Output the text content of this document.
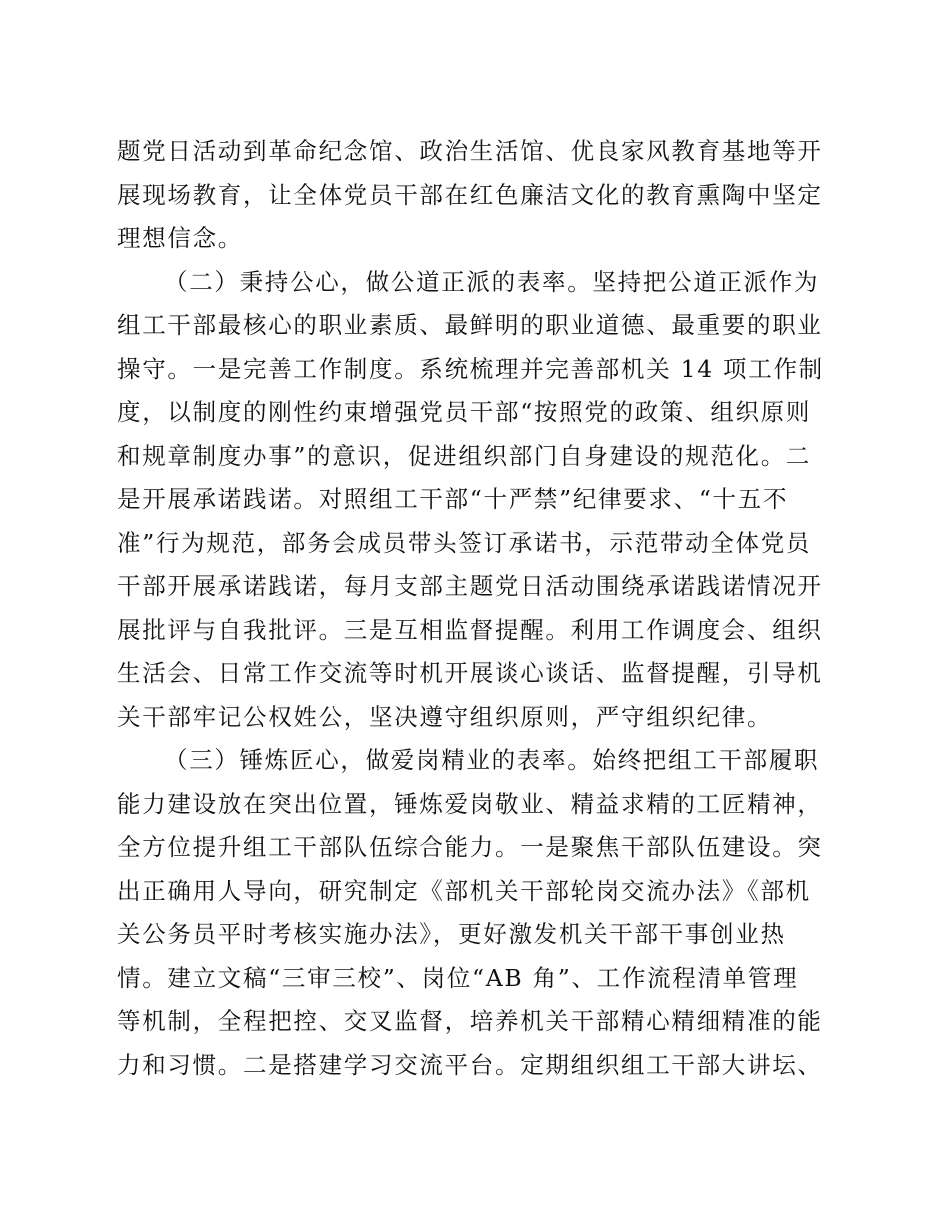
题党日活动到革命纪念馆、政治生活馆、优良家风教育基地等开
展现场教育，让全体党员干部在红色廉洁文化的教育熏陶中坚定
理想信念。
（二）秉持公心，做公道正派的表率。坚持把公道正派作为
组工干部最核心的职业素质、最鲜明的职业道德、最重要的职业
操守。一是完善工作制度。系统梳理并完善部机关 14 项工作制
度，以制度的刚性约束增强党员干部“按照党的政策、组织原则
和规章制度办事”的意识，促进组织部门自身建设的规范化。二
是开展承诺践诺。对照组工干部“十严禁”纪律要求、“十五不
准”行为规范，部务会成员带头签订承诺书，示范带动全体党员
干部开展承诺践诺，每月支部主题党日活动围绕承诺践诺情况开
展批评与自我批评。三是互相监督提醒。利用工作调度会、组织
生活会、日常工作交流等时机开展谈心谈话、监督提醒，引导机
关干部牢记公权姓公，坚决遵守组织原则，严守组织纪律。
（三）锤炼匠心，做爱岗精业的表率。始终把组工干部履职
能力建设放在突出位置，锤炼爱岗敬业、精益求精的工匠精神，
全方位提升组工干部队伍综合能力。一是聚焦干部队伍建设。突
出正确用人导向，研究制定《部机关干部轮岗交流办法》《部机
关公务员平时考核实施办法》，更好激发机关干部干事创业热
情。建立文稿“三审三校”、岗位“AB 角”、工作流程清单管理
等机制，全程把控、交叉监督，培养机关干部精心精细精准的能
力和习惯。二是搭建学习交流平台。定期组织组工干部大讲坛、
